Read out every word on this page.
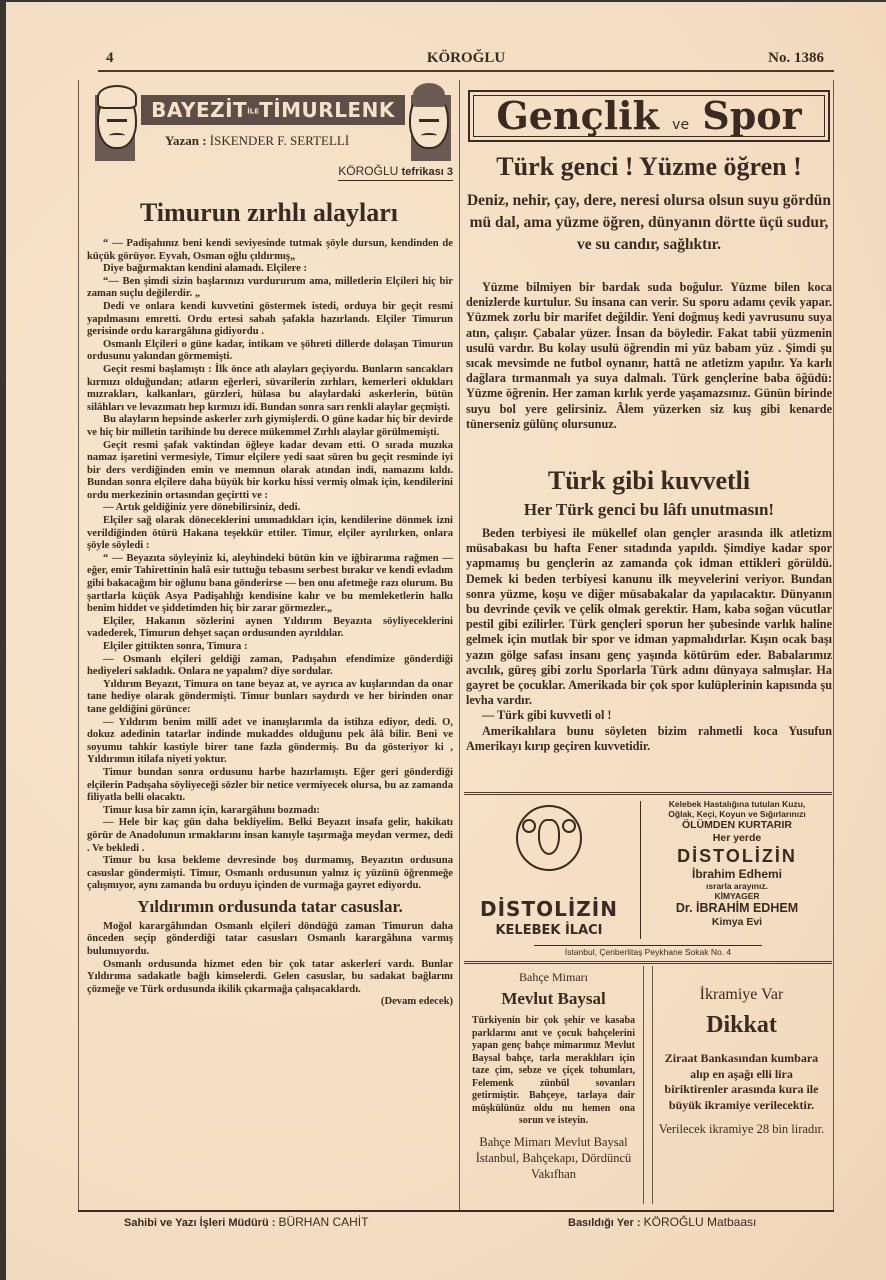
4	KÖROĞLU	No. 1386
BAYEZİTİLETİMURLENK
Yazan : İSKENDER F. SERTELLİ
KÖROĞLU tefrikası 3
Timurun zırhlı alayları

“ — Padişahınız beni kendi seviyesinde tutmak şöyle dursun, kendinden de küçük görüyor. Eyvah, Osman oğlu çıldırmış„

Diye bağırmaktan kendini alamadı. Elçilere :

“— Ben şimdi sizin başlarınızı vurdururum ama, milletlerin Elçileri hiç bir zaman suçlu değilerdir. „

Dedi ve onlara kendi kuvvetini göstermek istedi, orduya bir geçit resmi yapılmasını emretti. Ordu ertesi sabah şafakla hazırlandı. Elçiler Timurun gerisinde ordu karargâhına gidiyordu .

Osmanlı Elçileri o güne kadar, intikam ve şöhreti dillerde dolaşan Timurun ordusunu yakından görmemişti.

Geçit resmi başlamıştı : İlk önce atlı alayları geçiyordu. Bunların sancakları kırmızı olduğundan; atların eğerleri, süvarilerin zırhları, kemerleri oklukları mızrakları, kalkanları, gürzleri, hülasa bu alaylardaki askerlerin, bütün silâhları ve levazımatı hep kırmızı idi. Bundan sonra sarı renkli alaylar geçmişti.

Bu alayların hepsinde askerler zırh giymişlerdi. O güne kadar hiç bir devirde ve hiç bir milletin tarihinde bu derece mükemmel Zırhlı alaylar görülmemişti.

Geçit resmi şafak vaktindan öğleye kadar devam etti. O sırada muzıka namaz işaretini vermesiyle, Timur elçilere yedi saat süren bu geçit resminde iyi bir ders verdiğinden emin ve memnun olarak atından indi, namazını kıldı. Bundan sonra elçilere daha büyük bir korku hissi vermiş olmak için, kendilerini ordu merkezinin ortasından geçirtti ve :

— Artık geldiğiniz yere dönebilirsiniz, dedi.

Elçiler sağ olarak döneceklerini ummadıkları için, kendilerine dönmek izni verildiğinden ötürü Hakana teşekkür ettiler. Timur, elçiler ayrılırken, onlara şöyle söyledi :

“ — Beyazıta söyleyiniz ki, aleyhindeki bütün kin ve iğbirarıma rağmen — eğer, emir Tahirettinin halâ esir tuttuğu tebasını serbest bırakır ve kendi evladım gibi bakacağım bir oğlunu bana gönderirse — ben onu afetmeğe razı olurum. Bu şartlarla küçük Asya Padişahlığı kendisine kalır ve bu memleketlerin halkı benim hiddet ve şiddetimden hiç bir zarar görmezler.„

Elçiler, Hakanın sözlerini aynen Yıldırım Beyazıta söyliyeceklerini vadederek, Timurun dehşet saçan ordusunden ayrıldılar.

Elçiler gittikten sonra, Timura :

— Osmanlı elçileri geldiği zaman, Padışahın efendimize gönderdiği hediyeleri sakladık. Onlara ne yapalım? diye sordular.

Yıldırım Beyazıt, Timura on tane beyaz at, ve ayrıca av kuşlarından da onar tane hediye olarak göndermişti. Timur bunları saydırdı ve her birinden onar tane geldiğini görünce:

— Yıldırım benim millî adet ve inanışlarımla da istihza ediyor, dedi. O, dokuz adedinin tatarlar indinde mukaddes olduğunu pek âlâ bilir. Beni ve soyumu tahkir kastiyle birer tane fazla göndermiş. Bu da gösteriyor ki , Yıldırımın itilafa niyeti yoktur.

Timur bundan sonra ordusunu harbe hazırlamıştı. Eğer geri gönderdiği elçilerin Padışaha söyliyeceği sözler bir netice vermiyecek olursa, bu az zamanda filiyatla belli olacaktı.

Timur kısa bir zamn için, karargâhını bozmadı:

— Hele bir kaç gün daha bekliyelim. Belki Beyazıt insafa gelir, hakikatı görür de Anadolunun ırmaklarını insan kanıyle taşırmağa meydan vermez, dedi . Ve bekledi .

Timur bu kısa bekleme devresinde boş durmamış, Beyazıtın ordusuna casuslar göndermişti. Timur, Osmanlı ordusunun yalnız iç yüzünü öğrenmeğe çalışmıyor, aynı zamanda bu orduyu içinden de vurmağa gayret ediyordu.

Yıldırımın ordusunda tatar casuslar.

Moğol karargâhından Osmanlı elçileri döndüğü zaman Timurun daha önceden seçip gönderdiği tatar casusları Osmanlı karargâhına varmış bulunuyordu.

Osmanlı ordusunda hizmet eden bir çok tatar askerleri vardı. Bunlar Yıldırıma sadakatle bağlı kimselerdi. Gelen casuslar, bu sadakat bağlarını çözmeğe ve Türk ordusunda ikilik çıkarmağa çalışacaklardı.

(Devam edecek)

Gençlik ve Spor
Türk genci ! Yüzme öğren !
Deniz, nehir, çay, dere, neresi olursa olsun suyu gördün mü dal, ama yüzme öğren, dünyanın dörtte üçü sudur, ve su candır, sağlıktır.

Yüzme bilmiyen bir bardak suda boğulur. Yüzme bilen koca denizlerde kurtulur. Su insana can verir. Su sporu adamı çevik yapar. Yüzmek zorlu bir marifet değildir. Yeni doğmuş kedi yavrusunu suya atın, çalışır. Çabalar yüzer. İnsan da böyledir. Fakat tabii yüzmenin usulü vardır. Bu kolay usulü öğrendin mi yüz babam yüz . Şimdi şu sıcak mevsimde ne futbol oynanır, hattâ ne atletizm yapılır. Ya karlı dağlara tırmanmalı ya suya dalmalı. Türk gençlerine baba öğüdü: Yüzme öğrenin. Her zaman kırlık yerde yaşamazsınız. Günün birinde suyu bol yere gelirsiniz. Âlem yüzerken siz kuş gibi kenarde tünerseniz gülünç olursunuz.

Türk gibi kuvvetli
Her Türk genci bu lâfı unutmasın!

Beden terbiyesi ile mükellef olan gençler arasında ilk atletizm müsabakası bu hafta Fener sıtadında yapıldı. Şimdiye kadar spor yapmamış bu gençlerin az zamanda çok idman ettikleri görüldü. Demek ki beden terbiyesi kanunu ilk meyvelerini veriyor. Bundan sonra yüzme, koşu ve diğer müsabakalar da yapılacaktır. Dünyanın bu devrinde çevik ve çelik olmak gerektir. Ham, kaba soğan vücutlar pestil gibi ezilirler. Türk gençleri sporun her şubesinde varlık haline gelmek için mutlak bir spor ve idman yapmalıdırlar. Kışın ocak başı yazın gölge safası insanı genç yaşında kötürüm eder. Babalarımız avcılık, güreş gibi zorlu Sporlarla Türk adını dünyaya salmışlar. Ha gayret be çocuklar. Amerikada bir çok spor kulüplerinin kapısında şu levha vardır.

— Türk gibi kuvvetli ol !

Amerikalılara bunu söyleten bizim rahmetli koca Yusufun Amerikayı kırıp geçiren kuvvetidir.

DİSTOLİZİN
KELEBEK İLACI
Kelebek Hastalığına tutulan Kuzu,
Oğlak, Keçi, Koyun ve Sığırlarınızı
ÖLÜMDEN KURTARIR
Her yerde
DİSTOLİZİN
İbrahim Edhemi
ısrarla arayınız.
KİMYAGER
Dr. İBRAHİM EDHEM
Kimya Evi
İstanbul, Çenberlitaş Peykhane Sokak No. 4
Bahçe Mimarı
Mevlut Baysal
Türkiyenin bir çok şehir ve kasaba parklarını anıt ve çocuk bahçelerini yapan genç bahçe mimarımız Mevlut Baysal bahçe, tarla meraklıları için taze çim, sebze ve çiçek tohumları, Felemenk zünbül sovanları getirmiştir. Bahçeye, tarlaya dair müşkülünüz oldu nu hemen ona sorun ve isteyin.
Bahçe Mimarı Mevlut Baysal İstanbul, Bahçekapı, Dördüncü Vakıfhan
İkramiye Var
Dikkat
Ziraat Bankasından kumbara alıp en aşağı elli lira biriktirenler arasında kura ile büyük ikramiye verilecektir.
Verilecek ikramiye 28 bin liradır.
Sahibi ve Yazı İşleri Müdürü : BÜRHAN CAHİT	Basıldığı Yer : KÖROĞLU Matbaası
